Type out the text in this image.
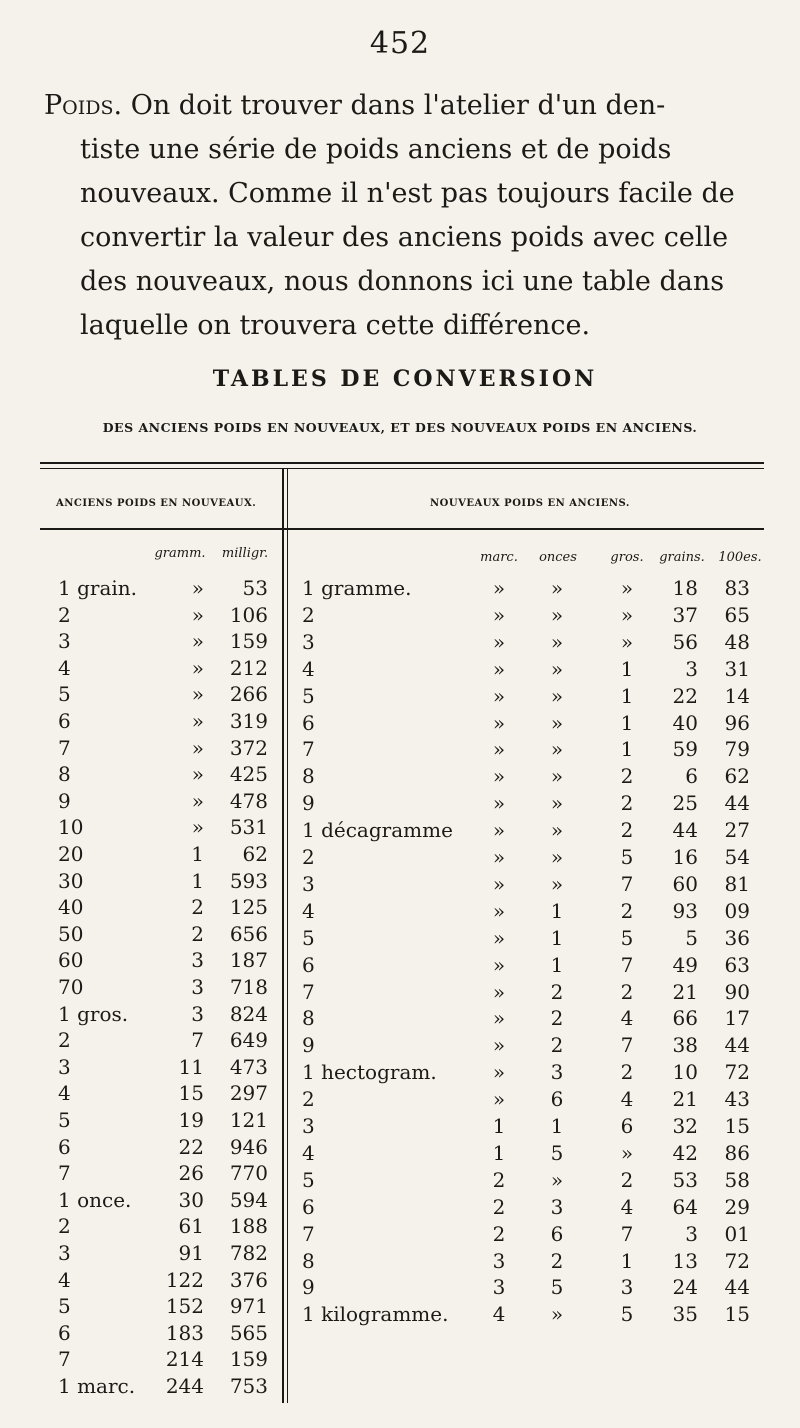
452
Poids. On doit trouver dans l'atelier d'un den-
tiste une série de poids anciens et de poids
nouveaux. Comme il n'est pas toujours facile de
convertir la valeur des anciens poids avec celle
des nouveaux, nous donnons ici une table dans
laquelle on trouvera cette différence.
TABLES DE CONVERSION
DES ANCIENS POIDS EN NOUVEAUX, ET DES NOUVEAUX POIDS EN ANCIENS.
ANCIENS POIDS EN NOUVEAUX.	NOUVEAUX POIDS EN ANCIENS.
gramm.	milligr.	marc.	onces	gros.	grains.	100es.
1 grain.	»	53
2	»	106
3	»	159
4	»	212
5	»	266
6	»	319
7	»	372
8	»	425
9	»	478
10	»	531
20	1	62
30	1	593
40	2	125
50	2	656
60	3	187
70	3	718
1 gros.	3	824
2	7	649
3	11	473
4	15	297
5	19	121
6	22	946
7	26	770
1 once.	30	594
2	61	188
3	91	782
4	122	376
5	152	971
6	183	565
7	214	159
1 marc.	244	753
1 gramme.	»	»	»	18	83
2	»	»	»	37	65
3	»	»	»	56	48
4	»	»	1	3	31
5	»	»	1	22	14
6	»	»	1	40	96
7	»	»	1	59	79
8	»	»	2	6	62
9	»	»	2	25	44
1 décagramme	»	»	2	44	27
2	»	»	5	16	54
3	»	»	7	60	81
4	»	1	2	93	09
5	»	1	5	5	36
6	»	1	7	49	63
7	»	2	2	21	90
8	»	2	4	66	17
9	»	2	7	38	44
1 hectogram.	»	3	2	10	72
2	»	6	4	21	43
3	1	1	6	32	15
4	1	5	»	42	86
5	2	»	2	53	58
6	2	3	4	64	29
7	2	6	7	3	01
8	3	2	1	13	72
9	3	5	3	24	44
1 kilogramme.	4	»	5	35	15
